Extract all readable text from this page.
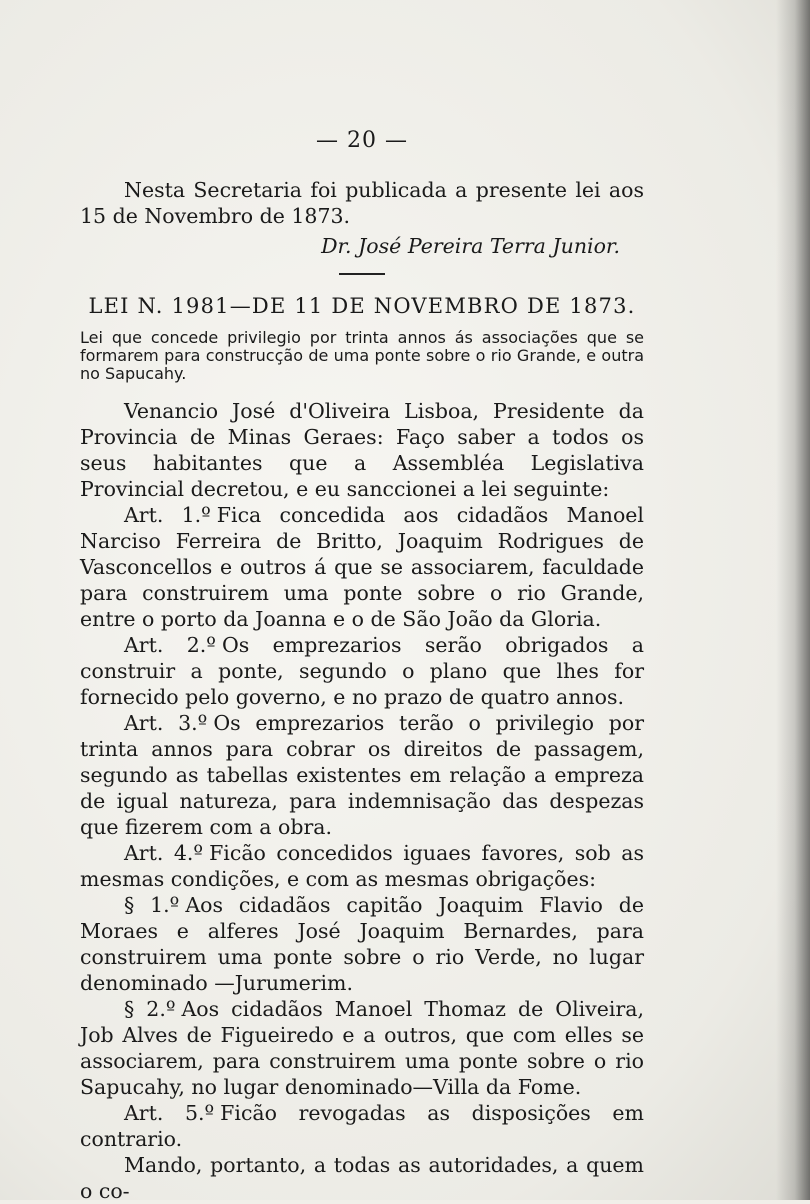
— 20 —

Nesta Secretaria foi publicada a presente lei aos 15 de Novembro de 1873.

Dr. José Pereira Terra Junior.
LEI N. 1981—DE 11 DE NOVEMBRO DE 1873.
Lei que concede privilegio por trinta annos ás associações que se formarem para construcção de uma ponte sobre o rio Grande, e outra no Sapucahy.

Venancio José d'Oliveira Lisboa, Presidente da Provincia de Minas Geraes: Faço saber a todos os seus habitantes que a Assembléa Legislativa Provincial decretou, e eu sanccionei a lei seguinte:

Art. 1.º Fica concedida aos cidadãos Manoel Narciso Ferreira de Britto, Joaquim Rodrigues de Vasconcellos e outros á que se associarem, faculdade para construirem uma ponte sobre o rio Grande, entre o porto da Joanna e o de São João da Gloria.

Art. 2.º Os emprezarios serão obrigados a construir a ponte, segundo o plano que lhes for fornecido pelo governo, e no prazo de quatro annos.

Art. 3.º Os emprezarios terão o privilegio por trinta annos para cobrar os direitos de passagem, segundo as tabellas existentes em relação a empreza de igual natureza, para indemnisação das despezas que fizerem com a obra.

Art. 4.º Ficão concedidos iguaes favores, sob as mesmas condições, e com as mesmas obrigações:

§ 1.º Aos cidadãos capitão Joaquim Flavio de Moraes e alferes José Joaquim Bernardes, para construirem uma ponte sobre o rio Verde, no lugar denominado —Jurumerim.

§ 2.º Aos cidadãos Manoel Thomaz de Oliveira, Job Alves de Figueiredo e a outros, que com elles se associarem, para construirem uma ponte sobre o rio Sapucahy, no lugar denominado—Villa da Fome.

Art. 5.º Ficão revogadas as disposições em contrario.

Mando, portanto, a todas as autoridades, a quem o co-
